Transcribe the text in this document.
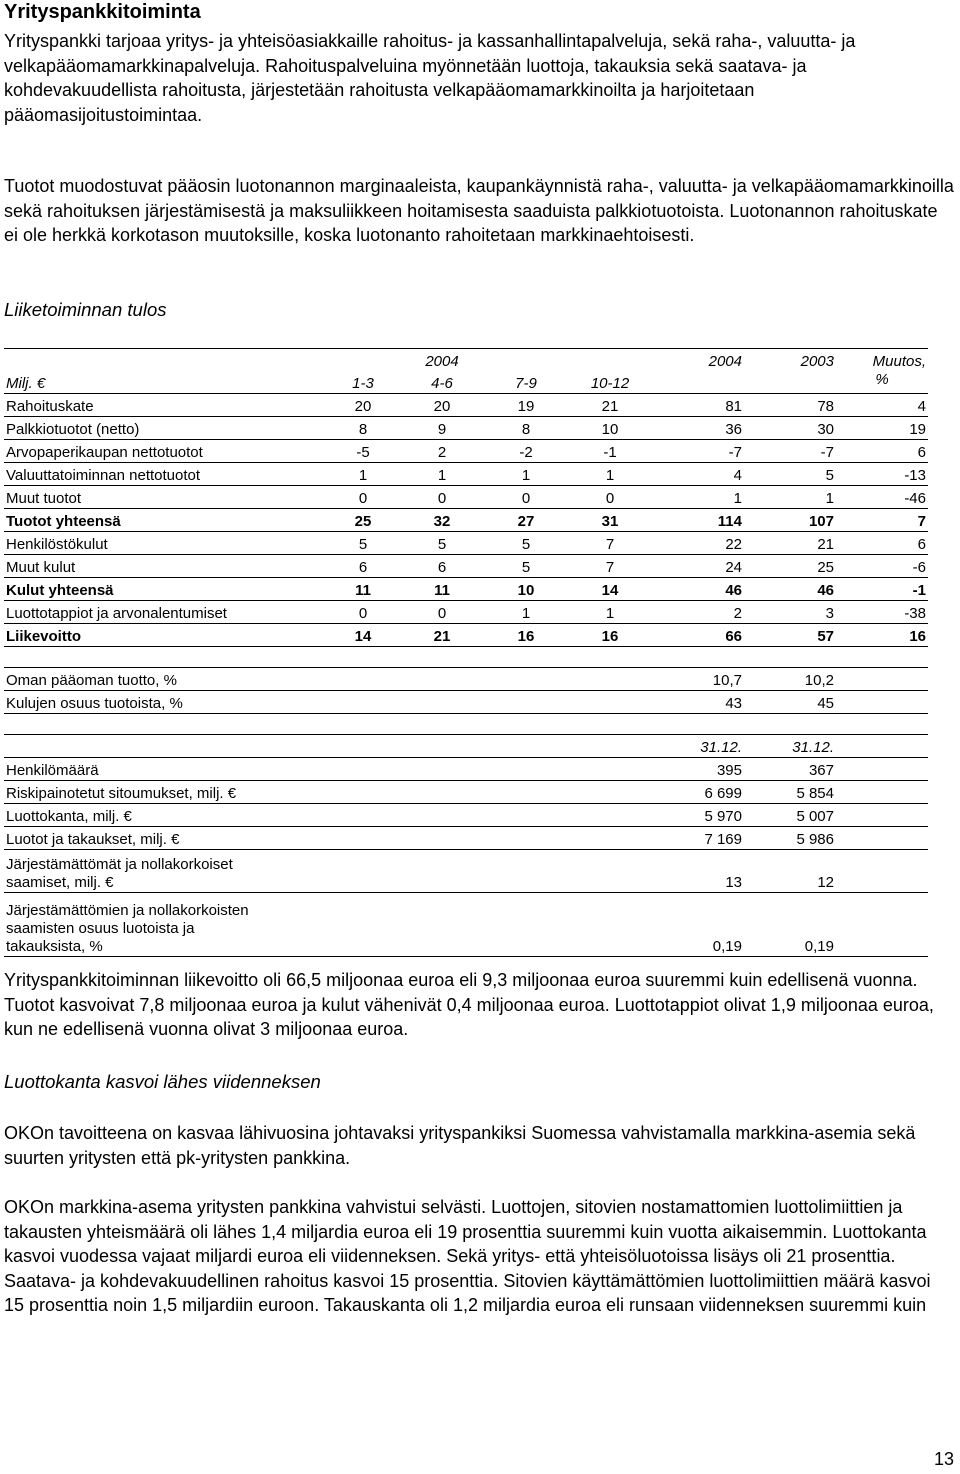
Yrityspankkitoiminta

Yrityspankki tarjoaa yritys- ja yhteisöasiakkaille rahoitus- ja kassanhallintapalveluja, sekä raha-, valuutta- ja velkapääomamarkkinapalveluja. Rahoituspalveluina myönnetään luottoja, takauksia sekä saatava- ja kohdevakuudellista rahoitusta, järjestetään rahoitusta velkapääomamarkkinoilta ja harjoitetaan pääomasijoitustoimintaa.

Tuotot muodostuvat pääosin luotonannon marginaaleista, kaupankäynnistä raha-, valuutta- ja velkapääomamarkkinoilla sekä rahoituksen järjestämisestä ja maksuliikkeen hoitamisesta saaduista palkkiotuotoista. Luotonannon rahoituskate ei ole herkkä korkotason muutoksille, koska luotonanto rahoitetaan markkinaehtoisesti.

Liiketoiminnan tulos

		2004			2004	2003	Muutos,
Milj. €	1-3	4-6	7-9	10-12			%
Rahoituskate	20	20	19	21	81	78	4
Palkkiotuotot (netto)	8	9	8	10	36	30	19
Arvopaperikaupan nettotuotot	-5	2	-2	-1	-7	-7	6
Valuuttatoiminnan nettotuotot	1	1	1	1	4	5	-13
Muut tuotot	0	0	0	0	1	1	-46
Tuotot yhteensä	25	32	27	31	114	107	7
Henkilöstökulut	5	5	5	7	22	21	6
Muut kulut	6	6	5	7	24	25	-6
Kulut yhteensä	11	11	10	14	46	46	-1
Luottotappiot ja arvonalentumiset	0	0	1	1	2	3	-38
Liikevoitto	14	21	16	16	66	57	16

Oman pääoman tuotto, %					10,7	10,2	
Kulujen osuus tuotoista, %					43	45	

					31.12.	31.12.	

Henkilömäärä					395	367	

Riskipainotetut sitoumukset, milj. €					6 699	5 854	

Luottokanta, milj. €					5 970	5 007	

Luotot ja takaukset, milj. €					7 169	5 986	

Järjestämättömät ja nollakorkoiset
saamiset, milj. €					13	12	

Järjestämättömien ja nollakorkoisten
saamisten osuus luotoista ja
takauksista, %					0,19	0,19	

Yrityspankkitoiminnan liikevoitto oli 66,5 miljoonaa euroa eli 9,3 miljoonaa euroa suuremmi kuin edellisenä vuonna. Tuotot kasvoivat 7,8 miljoonaa euroa ja kulut vähenivät 0,4 miljoonaa euroa. Luottotappiot olivat 1,9 miljoonaa euroa, kun ne edellisenä vuonna olivat 3 miljoonaa euroa.

Luottokanta kasvoi lähes viidenneksen

OKOn tavoitteena on kasvaa lähivuosina johtavaksi yrityspankiksi Suomessa vahvistamalla markkina-asemia sekä suurten yritysten että pk-yritysten pankkina.

OKOn markkina-asema yritysten pankkina vahvistui selvästi. Luottojen, sitovien nostamattomien luottolimiittien ja takausten yhteismäärä oli lähes 1,4 miljardia euroa eli 19 prosenttia suuremmi kuin vuotta aikaisemmin. Luottokanta kasvoi vuodessa vajaat miljardi euroa eli viidenneksen. Sekä yritys- että yhteisöluotoissa lisäys oli 21 prosenttia. Saatava- ja kohdevakuudellinen rahoitus kasvoi 15 prosenttia. Sitovien käyttämättömien luottolimiittien määrä kasvoi 15 prosenttia noin 1,5 miljardiin euroon. Takauskanta oli 1,2 miljardia euroa eli runsaan viidenneksen suuremmi kuin

13
